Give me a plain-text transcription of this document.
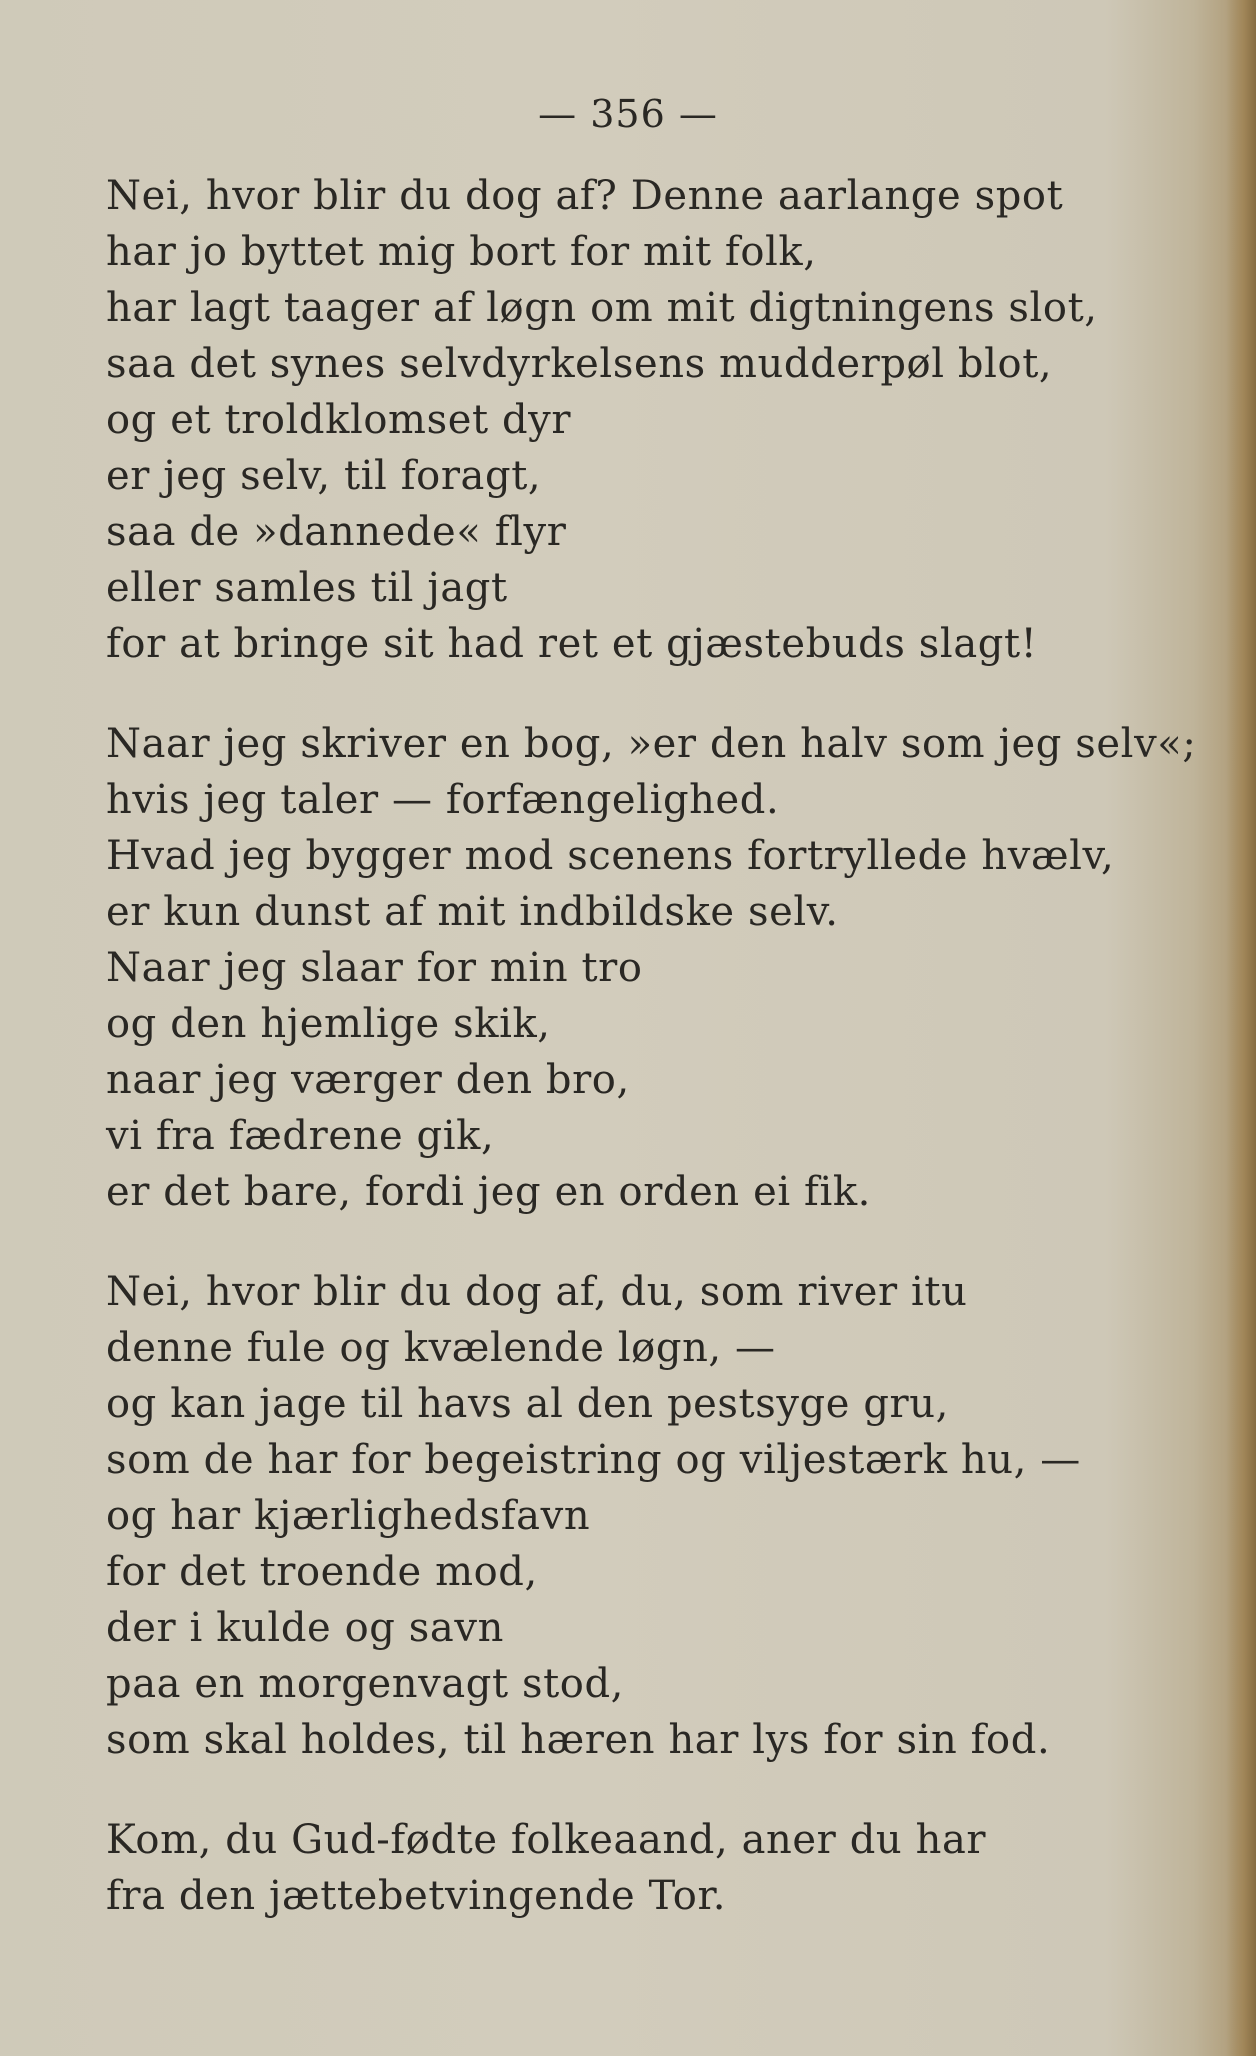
— 356 —
Nei, hvor blir du dog af? Denne aarlange spot
har jo byttet mig bort for mit folk,
har lagt taager af løgn om mit digtningens slot,
saa det synes selvdyrkelsens mudderpøl blot,
og et troldklomset dyr
er jeg selv, til foragt,
saa de »dannede« flyr
eller samles til jagt
for at bringe sit had ret et gjæstebuds slagt!
Naar jeg skriver en bog, »er den halv som jeg selv«;
hvis jeg taler — forfængelighed.
Hvad jeg bygger mod scenens fortryllede hvælv,
er kun dunst af mit indbildske selv.
Naar jeg slaar for min tro
og den hjemlige skik,
naar jeg værger den bro,
vi fra fædrene gik,
er det bare, fordi jeg en orden ei fik.
Nei, hvor blir du dog af, du, som river itu
denne fule og kvælende løgn, —
og kan jage til havs al den pestsyge gru,
som de har for begeistring og viljestærk hu, —
og har kjærlighedsfavn
for det troende mod,
der i kulde og savn
paa en morgenvagt stod,
som skal holdes, til hæren har lys for sin fod.
Kom, du Gud-fødte folkeaand, aner du har
fra den jættebetvingende Tor.
